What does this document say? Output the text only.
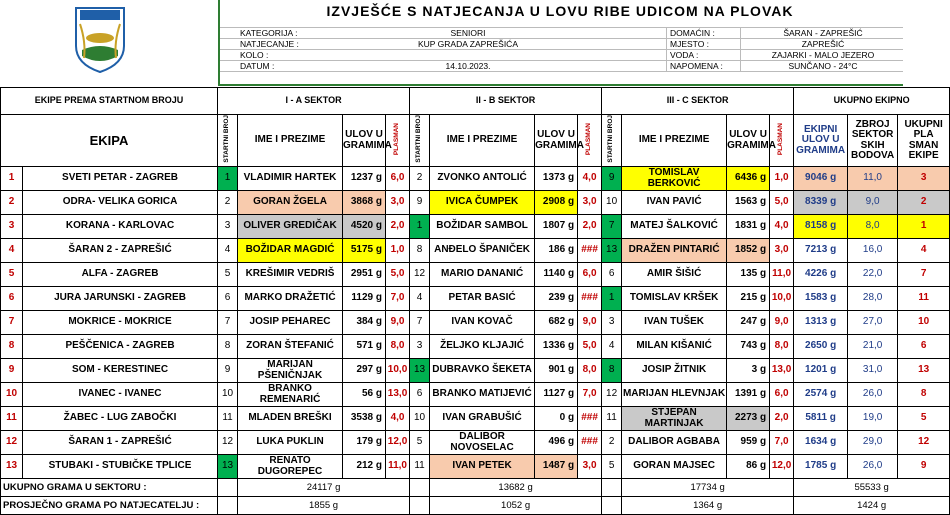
IZVJEŠĆE S NATJECANJA U LOVU RIBE UDICOM NA PLOVAK
KATEGORIJA :	SENIORI
NATJECANJE :	KUP GRADA ZAPREŠIĆA
KOLO :
DATUM :	14.10.2023.
DOMAĆIN :	ŠARAN - ZAPREŠIĆ
MJESTO :	ZAPREŠIĆ
VODA :	ZAJARKI - MALO JEZERO
NAPOMENA :	SUNČANO - 24°C
EKIPE PREMA STARTNOM BROJU		I - A SEKTOR				II - B SEKTOR				III - C SEKTOR				UKUPNO EKIPNO		
EKIPA		STARTNI BROJ	IME I PREZIME	ULOV U GRAMIMA	PLASMAN	STARTNI BROJ	IME I PREZIME	ULOV U GRAMIMA	PLASMAN	STARTNI BROJ	IME I PREZIME	ULOV U GRAMIMA	PLASMAN	EKIPNI ULOV U GRAMIMA	ZBROJ SEKTOR SKIH BODOVA	UKUPNI PLA SMAN EKIPE
1	SVETI PETAR - ZAGREB	1	VLADIMIR HARTEK	1237 g	6,0	2	ZVONKO ANTOLIĆ	1373 g	4,0	9	TOMISLAV BERKOVIĆ	6436 g	1,0	9046 g	11,0	3
2	ODRA- VELIKA GORICA	2	GORAN ŽGELA	3868 g	3,0	9	IVICA ČUMPEK	2908 g	3,0	10	IVAN PAVIĆ	1563 g	5,0	8339 g	9,0	2
3	KORANA - KARLOVAC	3	OLIVER GREDIČAK	4520 g	2,0	1	BOŽIDAR SAMBOL	1807 g	2,0	7	MATEJ ŠALKOVIĆ	1831 g	4,0	8158 g	8,0	1
4	ŠARAN 2 - ZAPREŠIĆ	4	BOŽIDAR MAGDIĆ	5175 g	1,0	8	ANĐELO ŠPANIČEK	186 g	###	13	DRAŽEN PINTARIĆ	1852 g	3,0	7213 g	16,0	4
5	ALFA - ZAGREB	5	KREŠIMIR VEDRIŠ	2951 g	5,0	12	MARIO DANANIĆ	1140 g	6,0	6	AMIR ŠIŠIĆ	135 g	11,0	4226 g	22,0	7
6	JURA JARUNSKI - ZAGREB	6	MARKO DRAŽETIĆ	1129 g	7,0	4	PETAR BASIĆ	239 g	###	1	TOMISLAV KRŠEK	215 g	10,0	1583 g	28,0	11
7	MOKRICE - MOKRICE	7	JOSIP PEHAREC	384 g	9,0	7	IVAN KOVAČ	682 g	9,0	3	IVAN TUŠEK	247 g	9,0	1313 g	27,0	10
8	PEŠČENICA - ZAGREB	8	ZORAN ŠTEFANIĆ	571 g	8,0	3	ŽELJKO KLJAJIĆ	1336 g	5,0	4	MILAN KIŠANIĆ	743 g	8,0	2650 g	21,0	6
9	SOM - KERESTINEC	9	MARIJAN PŠENIČNJAK	297 g	10,0	13	DUBRAVKO ŠEKETA	901 g	8,0	8	JOSIP ŽITNIK	3 g	13,0	1201 g	31,0	13
10	IVANEC - IVANEC	10	BRANKO REMENARIĆ	56 g	13,0	6	BRANKO MATIJEVIĆ	1127 g	7,0	12	MARIJAN HLEVNJAK	1391 g	6,0	2574 g	26,0	8
11	ŽABEC - LUG ZABOČKI	11	MLADEN BREŠKI	3538 g	4,0	10	IVAN GRABUŠIĆ	0 g	###	11	STJEPAN MARTINJAK	2273 g	2,0	5811 g	19,0	5
12	ŠARAN 1 - ZAPREŠIĆ	12	LUKA PUKLIN	179 g	12,0	5	DALIBOR NOVOSELAC	496 g	###	2	DALIBOR AGBABA	959 g	7,0	1634 g	29,0	12
13	STUBAKI - STUBIČKE TPLICE	13	RENATO DUGOREPEC	212 g	11,0	11	IVAN PETEK	1487 g	3,0	5	GORAN MAJSEC	86 g	12,0	1785 g	26,0	9
UKUPNO GRAMA U SEKTORU :			24117 g				13682 g				17734 g			55533 g		
PROSJEČNO GRAMA PO NATJECATELJU :			1855 g				1052 g				1364 g			1424 g		
